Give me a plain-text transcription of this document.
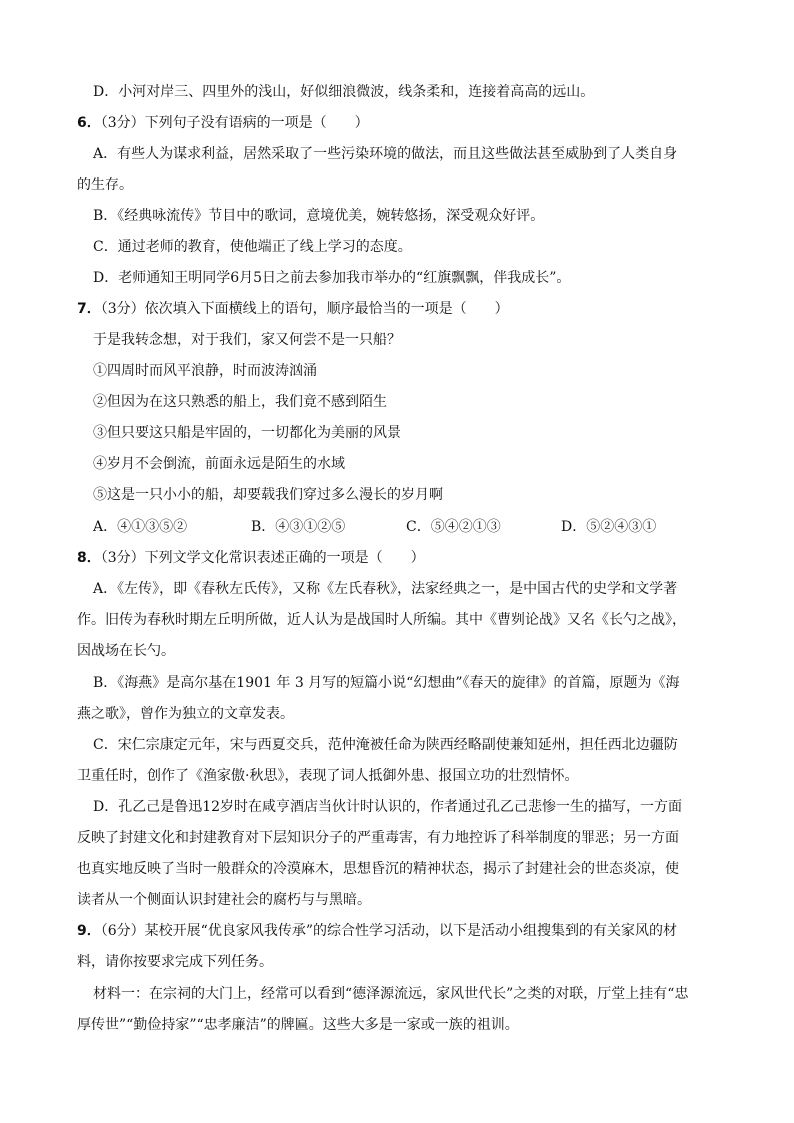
D．小河对岸三、四里外的浅山，好似细浪微波，线条柔和，连接着高高的远山。
6．（3分）下列句子没有语病的一项是（　　）
A．有些人为谋求利益，居然采取了一些污染环境的做法，而且这些做法甚至威胁到了人类自身
的生存。
B．《经典咏流传》节目中的歌词，意境优美，婉转悠扬，深受观众好评。
C．通过老师的教育，使他端正了线上学习的态度。
D．老师通知王明同学6月5日之前去参加我市举办的“红旗飘飘，伴我成长”。
7．（3分）依次填入下面横线上的语句，顺序最恰当的一项是（　　）
于是我转念想，对于我们，家又何尝不是一只船？
①四周时而风平浪静，时而波涛汹涌
②但因为在这只熟悉的船上，我们竟不感到陌生
③但只要这只船是牢固的，一切都化为美丽的风景
④岁月不会倒流，前面永远是陌生的水域
⑤这是一只小小的船，却要载我们穿过多么漫长的岁月啊
A．④①③⑤②	B．④③①②⑤	C．⑤④②①③	D．⑤②④③①
8．（3分）下列文学文化常识表述正确的一项是（　　）
A．《左传》，即《春秋左氏传》，又称《左氏春秋》，法家经典之一，是中国古代的史学和文学著
作。旧传为春秋时期左丘明所做，近人认为是战国时人所编。其中《曹刿论战》又名《长勺之战》，
因战场在长勺。
B．《海燕》是高尔基在1901 年 3 月写的短篇小说“幻想曲”《春天的旋律》的首篇，原题为《海
燕之歌》，曾作为独立的文章发表。
C．宋仁宗康定元年，宋与西夏交兵，范仲淹被任命为陕西经略副使兼知延州，担任西北边疆防
卫重任时，创作了《渔家傲·秋思》，表现了词人抵御外患、报国立功的壮烈情怀。
D．孔乙己是鲁迅12岁时在咸亨酒店当伙计时认识的，作者通过孔乙己悲惨一生的描写，一方面
反映了封建文化和封建教育对下层知识分子的严重毒害，有力地控诉了科举制度的罪恶；另一方面
也真实地反映了当时一般群众的冷漠麻木，思想昏沉的精神状态，揭示了封建社会的世态炎凉，使
读者从一个侧面认识封建社会的腐朽与与黑暗。
9．（6分）某校开展“优良家风我传承”的综合性学习活动，以下是活动小组搜集到的有关家风的材
料，请你按要求完成下列任务。
材料一：在宗祠的大门上，经常可以看到“德泽源流远，家风世代长”之类的对联，厅堂上挂有“忠
厚传世”“勤俭持家”“忠孝廉洁”的牌匾。这些大多是一家或一族的祖训。
